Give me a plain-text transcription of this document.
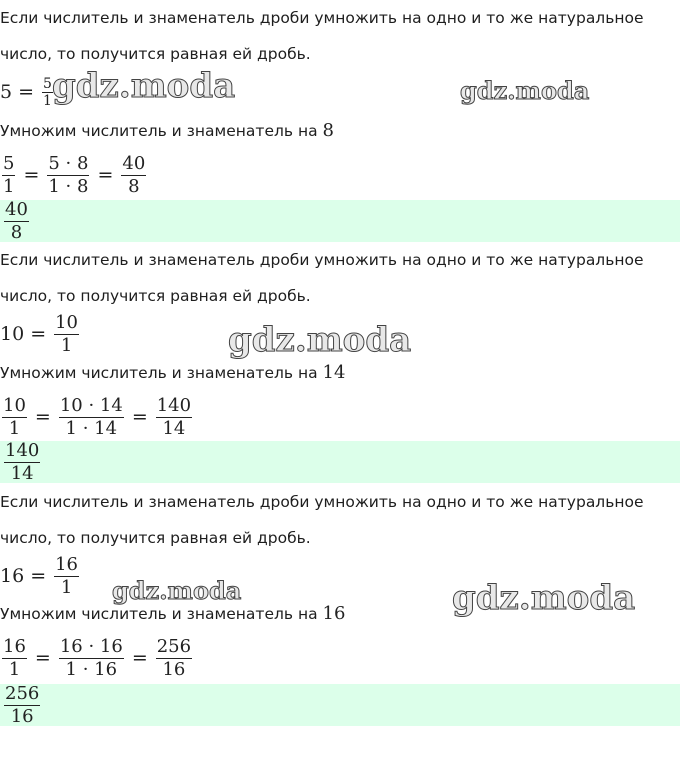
Если числитель и знаменатель дроби умножить на одно и то же натуральное
число, то получится равная ей дробь.
$5 = \frac{5}{1}$
Умножим числитель и знаменатель на 8
$\frac{5}{1} = \frac{5 \cdot 8}{1 \cdot 8} = \frac{40}{8}$
40
8
Если числитель и знаменатель дроби умножить на одно и то же натуральное
число, то получится равная ей дробь.
$10 = \frac{10}{1}$
Умножим числитель и знаменатель на 14
$\frac{10}{1} = \frac{10 \cdot 14}{1 \cdot 14} = \frac{140}{14}$
140
14
Если числитель и знаменатель дроби умножить на одно и то же натуральное
число, то получится равная ей дробь.
$16 = \frac{16}{1}$
Умножим числитель и знаменатель на 16
$\frac{16}{1} = \frac{16 \cdot 16}{1 \cdot 16} = \frac{256}{16}$
256
16
gdz.moda	gdz.moda
gdz.moda
gdz.moda	gdz.moda
